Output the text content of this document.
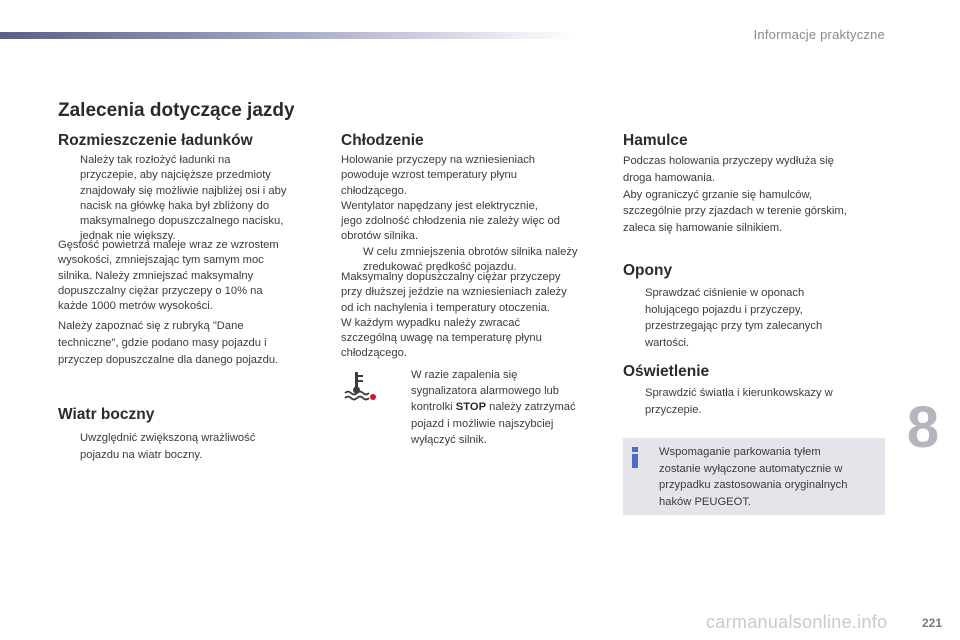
Informacje praktyczne
Zalecenia dotyczące jazdy
Rozmieszczenie ładunków
Należy tak rozłożyć ładunki na
przyczepie, aby najcięższe przedmioty
znajdowały się możliwie najbliżej osi i aby
nacisk na główkę haka był zbliżony do
maksymalnego dopuszczalnego nacisku,
jednak nie większy.
Gęstość powietrza maleje wraz ze wzrostem
wysokości, zmniejszając tym samym moc
silnika. Należy zmniejszać maksymalny
dopuszczalny ciężar przyczepy o 10% na
każde 1000 metrów wysokości.
Należy zapoznać się z rubryką "Dane
techniczne", gdzie podano masy pojazdu i
przyczep dopuszczalne dla danego pojazdu.
Wiatr boczny
Uwzględnić zwiększoną wrażliwość
pojazdu na wiatr boczny.
Chłodzenie
Holowanie przyczepy na wzniesieniach
powoduje wzrost temperatury płynu
chłodzącego.
Wentylator napędzany jest elektrycznie,
jego zdolność chłodzenia nie zależy więc od
obrotów silnika.
W celu zmniejszenia obrotów silnika należy
zredukować prędkość pojazdu.
Maksymalny dopuszczalny ciężar przyczepy
przy dłuższej jeździe na wzniesieniach zależy
od ich nachylenia i temperatury otoczenia.
W każdym wypadku należy zwracać
szczególną uwagę na temperaturę płynu
chłodzącego.
W razie zapalenia się
sygnalizatora alarmowego lub
kontrolki STOP należy zatrzymać
pojazd i możliwie najszybciej
wyłączyć silnik.
Hamulce
Podczas holowania przyczepy wydłuża się
droga hamowania.
Aby ograniczyć grzanie się hamulców,
szczególnie przy zjazdach w terenie górskim,
zaleca się hamowanie silnikiem.
Opony
Sprawdzać ciśnienie w oponach
holującego pojazdu i przyczepy,
przestrzegając przy tym zalecanych
wartości.
Oświetlenie
Sprawdzić światła i kierunkowskazy w
przyczepie.
Wspomaganie parkowania tyłem
zostanie wyłączone automatycznie w
przypadku zastosowania oryginalnych
haków PEUGEOT.
8
carmanualsonline.info	221
